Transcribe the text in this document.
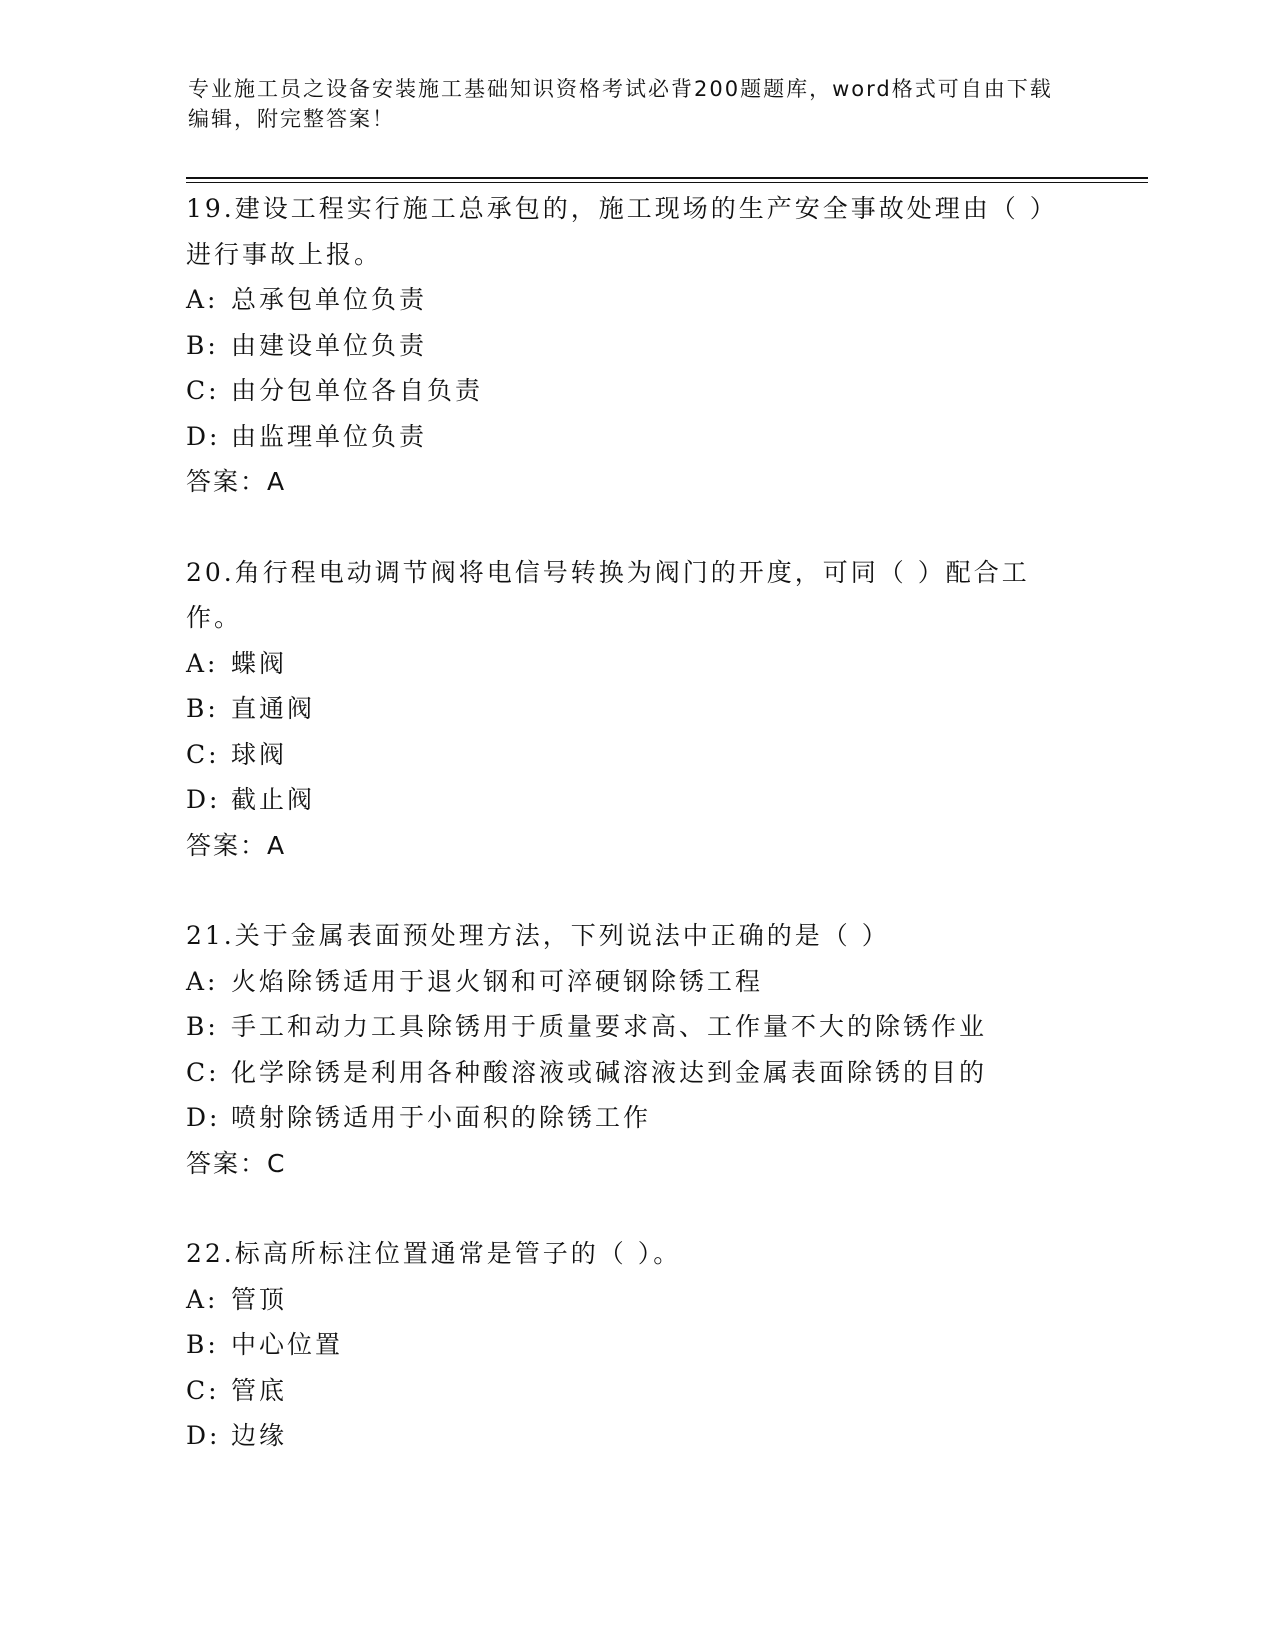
专业施工员之设备安装施工基础知识资格考试必背200题题库，word格式可自由下载编辑，附完整答案！

19.建设工程实行施工总承包的，施工现场的生产安全事故处理由（ ）进行事故上报。

A: 总承包单位负责

B: 由建设单位负责

C: 由分包单位各自负责

D: 由监理单位负责

答案：A

20.角行程电动调节阀将电信号转换为阀门的开度，可同（ ）配合工作。

A: 蝶阀

B: 直通阀

C: 球阀

D: 截止阀

答案：A

21.关于金属表面预处理方法，下列说法中正确的是（ ）

A: 火焰除锈适用于退火钢和可淬硬钢除锈工程

B: 手工和动力工具除锈用于质量要求高、工作量不大的除锈作业

C: 化学除锈是利用各种酸溶液或碱溶液达到金属表面除锈的目的

D: 喷射除锈适用于小面积的除锈工作

答案：C

22.标高所标注位置通常是管子的（ ）。

A: 管顶

B: 中心位置

C: 管底

D: 边缘
